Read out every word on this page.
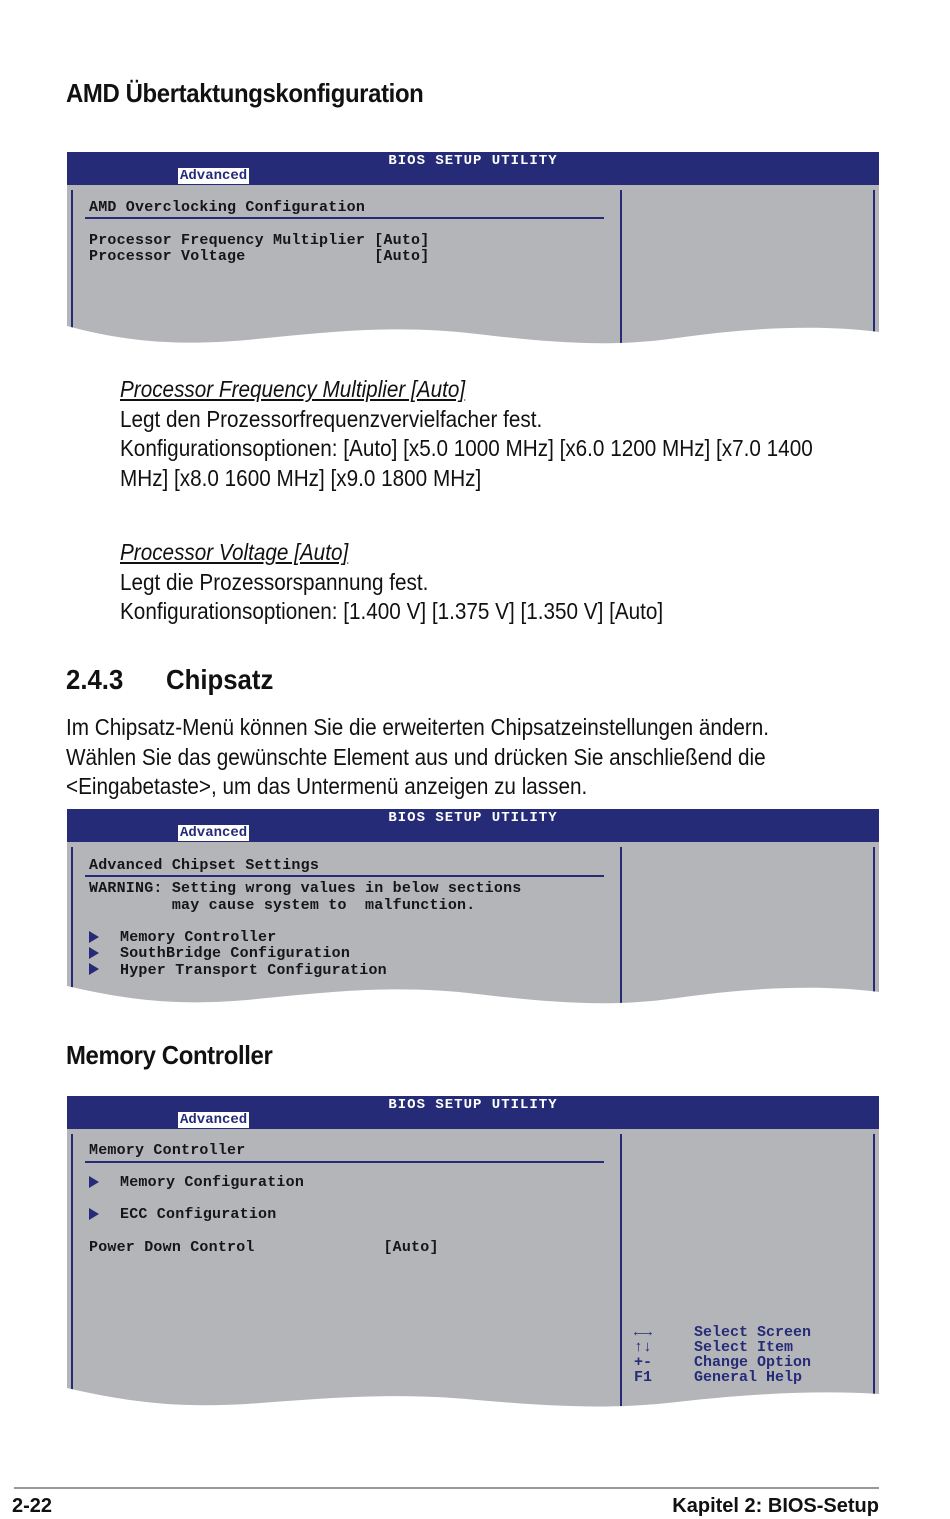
AMD Übertaktungskonfiguration
BIOS SETUP UTILITY
Advanced
AMD Overclocking Configuration
Processor Frequency Multiplier [Auto]
Processor Voltage              [Auto]
Processor Frequency Multiplier [Auto]
Legt den Prozessorfrequenzvervielfacher fest.
Konfigurationsoptionen: [Auto] [x5.0 1000 MHz] [x6.0 1200 MHz] [x7.0 1400
MHz] [x8.0 1600 MHz] [x9.0 1800 MHz]
Processor Voltage [Auto]
Legt die Prozessorspannung fest.
Konfigurationsoptionen: [1.400 V] [1.375 V] [1.350 V] [Auto]
2.4.3 Chipsatz
Im Chipsatz-Menü können Sie die erweiterten Chipsatzeinstellungen ändern.
Wählen Sie das gewünschte Element aus und drücken Sie anschließend die
<Eingabetaste>, um das Untermenü anzeigen zu lassen.
BIOS SETUP UTILITY
Advanced
Advanced Chipset Settings
WARNING: Setting wrong values in below sections
may cause system to  malfunction.
Memory Controller
SouthBridge Configuration
Hyper Transport Configuration
Memory Controller
BIOS SETUP UTILITY
Advanced
Memory Controller
Memory Configuration
ECC Configuration
Power Down Control              [Auto]
←→	Select Screen
↑↓	Select Item
+-	Change Option
F1	General Help
2-22	Kapitel 2: BIOS-Setup
